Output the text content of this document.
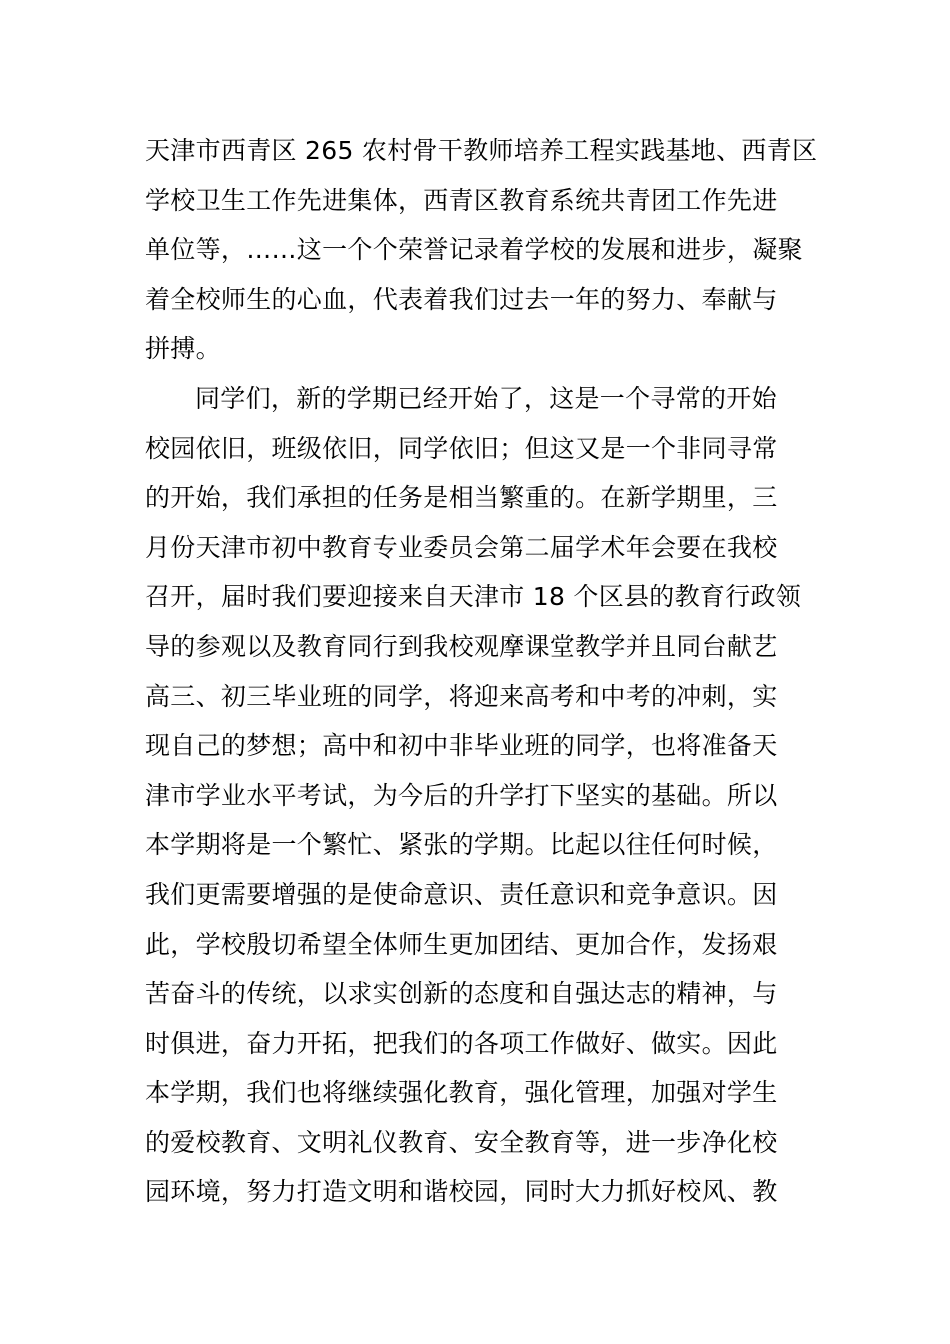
天津市西青区 265 农村骨干教师培养工程实践基地、西青区
学校卫生工作先进集体，西青区教育系统共青团工作先进
单位等，……这一个个荣誉记录着学校的发展和进步，凝聚
着全校师生的心血，代表着我们过去一年的努力、奉献与
拼搏。
同学们，新的学期已经开始了，这是一个寻常的开始
校园依旧，班级依旧，同学依旧；但这又是一个非同寻常
的开始，我们承担的任务是相当繁重的。在新学期里，三
月份天津市初中教育专业委员会第二届学术年会要在我校
召开，届时我们要迎接来自天津市 18 个区县的教育行政领
导的参观以及教育同行到我校观摩课堂教学并且同台献艺
高三、初三毕业班的同学，将迎来高考和中考的冲刺，实
现自己的梦想；高中和初中非毕业班的同学，也将准备天
津市学业水平考试，为今后的升学打下坚实的基础。所以
本学期将是一个繁忙、紧张的学期。比起以往任何时候，
我们更需要增强的是使命意识、责任意识和竞争意识。因
此，学校殷切希望全体师生更加团结、更加合作，发扬艰
苦奋斗的传统，以求实创新的态度和自强达志的精神，与
时俱进，奋力开拓，把我们的各项工作做好、做实。因此
本学期，我们也将继续强化教育，强化管理，加强对学生
的爱校教育、文明礼仪教育、安全教育等，进一步净化校
园环境，努力打造文明和谐校园，同时大力抓好校风、教
